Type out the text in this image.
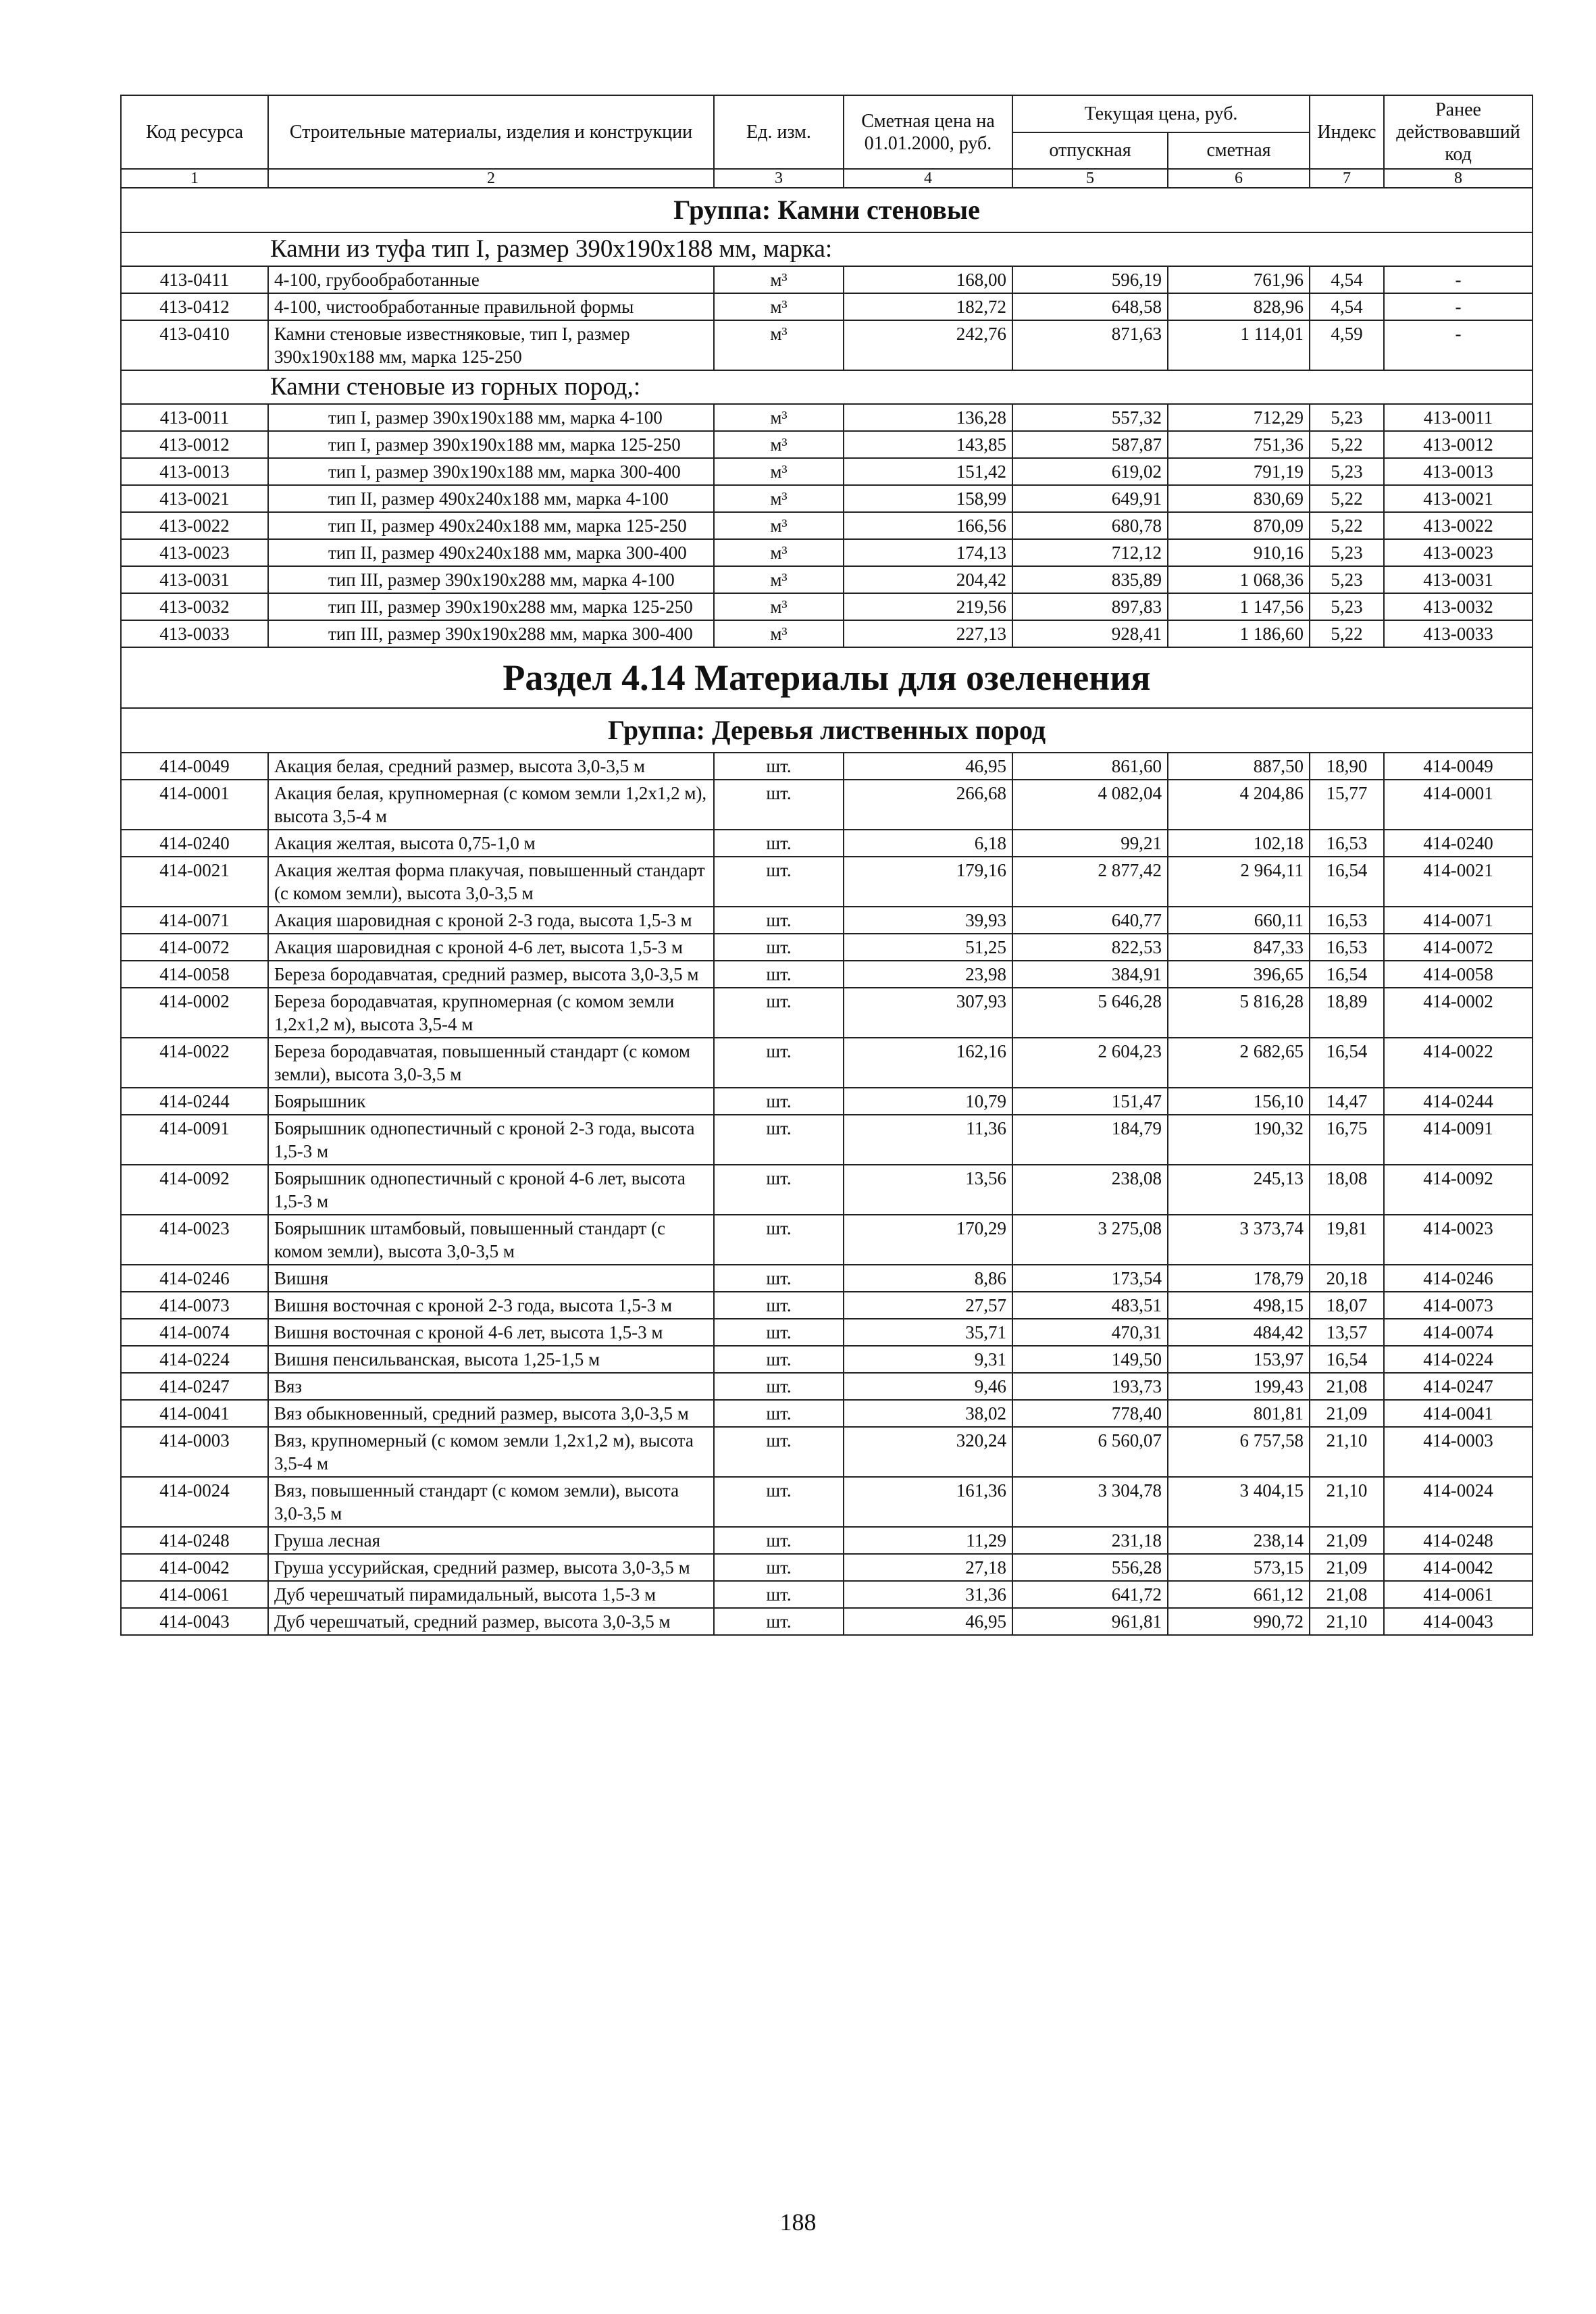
Код ресурса	Строительные материалы, изделия и конструкции	Ед. изм.	Сметная цена на 01.01.2000, руб.	Текущая цена, руб.		Индекс	Ранее действовавший код
				отпускная	сметная		
1	2	3	4	5	6	7	8
Группа: Камни стеновые							
Камни из туфа тип I, размер 390х190х188 мм, марка:							
413-0411	4-100, грубообработанные	м³	168,00	596,19	761,96	4,54	-
413-0412	4-100, чистообработанные правильной формы	м³	182,72	648,58	828,96	4,54	-
413-0410	Камни стеновые известняковые, тип I, размер 390х190х188 мм, марка 125-250	м³	242,76	871,63	1 114,01	4,59	-
Камни стеновые из горных пород,:							
413-0011	тип I, размер 390х190х188 мм, марка 4-100	м³	136,28	557,32	712,29	5,23	413-0011
413-0012	тип I, размер 390х190х188 мм, марка 125-250	м³	143,85	587,87	751,36	5,22	413-0012
413-0013	тип I, размер 390х190х188 мм, марка 300-400	м³	151,42	619,02	791,19	5,23	413-0013
413-0021	тип II, размер 490х240х188 мм, марка 4-100	м³	158,99	649,91	830,69	5,22	413-0021
413-0022	тип II, размер 490х240х188 мм, марка 125-250	м³	166,56	680,78	870,09	5,22	413-0022
413-0023	тип II, размер 490х240х188 мм, марка 300-400	м³	174,13	712,12	910,16	5,23	413-0023
413-0031	тип III, размер 390х190х288 мм, марка 4-100	м³	204,42	835,89	1 068,36	5,23	413-0031
413-0032	тип III, размер 390х190х288 мм, марка 125-250	м³	219,56	897,83	1 147,56	5,23	413-0032
413-0033	тип III, размер 390х190х288 мм, марка 300-400	м³	227,13	928,41	1 186,60	5,22	413-0033
Раздел 4.14 Материалы для озеленения							
Группа: Деревья лиственных пород							
414-0049	Акация белая, средний размер, высота 3,0-3,5 м	шт.	46,95	861,60	887,50	18,90	414-0049
414-0001	Акация белая, крупномерная (с комом земли 1,2х1,2 м), высота 3,5-4 м	шт.	266,68	4 082,04	4 204,86	15,77	414-0001
414-0240	Акация желтая, высота 0,75-1,0 м	шт.	6,18	99,21	102,18	16,53	414-0240
414-0021	Акация желтая форма плакучая, повышенный стандарт (с комом земли), высота 3,0-3,5 м	шт.	179,16	2 877,42	2 964,11	16,54	414-0021
414-0071	Акация шаровидная с кроной 2-3 года, высота 1,5-3 м	шт.	39,93	640,77	660,11	16,53	414-0071
414-0072	Акация шаровидная с кроной 4-6 лет, высота 1,5-3 м	шт.	51,25	822,53	847,33	16,53	414-0072
414-0058	Береза бородавчатая, средний размер, высота 3,0-3,5 м	шт.	23,98	384,91	396,65	16,54	414-0058
414-0002	Береза бородавчатая, крупномерная (с комом земли 1,2х1,2 м), высота 3,5-4 м	шт.	307,93	5 646,28	5 816,28	18,89	414-0002
414-0022	Береза бородавчатая, повышенный стандарт (с комом земли), высота 3,0-3,5 м	шт.	162,16	2 604,23	2 682,65	16,54	414-0022
414-0244	Боярышник	шт.	10,79	151,47	156,10	14,47	414-0244
414-0091	Боярышник однопестичный с кроной 2-3 года, высота 1,5-3 м	шт.	11,36	184,79	190,32	16,75	414-0091
414-0092	Боярышник однопестичный с кроной 4-6 лет, высота 1,5-3 м	шт.	13,56	238,08	245,13	18,08	414-0092
414-0023	Боярышник штамбовый, повышенный стандарт (с комом земли), высота 3,0-3,5 м	шт.	170,29	3 275,08	3 373,74	19,81	414-0023
414-0246	Вишня	шт.	8,86	173,54	178,79	20,18	414-0246
414-0073	Вишня восточная с кроной 2-3 года, высота 1,5-3 м	шт.	27,57	483,51	498,15	18,07	414-0073
414-0074	Вишня восточная с кроной 4-6 лет, высота 1,5-3 м	шт.	35,71	470,31	484,42	13,57	414-0074
414-0224	Вишня пенсильванская, высота 1,25-1,5 м	шт.	9,31	149,50	153,97	16,54	414-0224
414-0247	Вяз	шт.	9,46	193,73	199,43	21,08	414-0247
414-0041	Вяз обыкновенный, средний размер, высота 3,0-3,5 м	шт.	38,02	778,40	801,81	21,09	414-0041
414-0003	Вяз, крупномерный (с комом земли 1,2х1,2 м), высота 3,5-4 м	шт.	320,24	6 560,07	6 757,58	21,10	414-0003
414-0024	Вяз, повышенный стандарт (с комом земли), высота 3,0-3,5 м	шт.	161,36	3 304,78	3 404,15	21,10	414-0024
414-0248	Груша лесная	шт.	11,29	231,18	238,14	21,09	414-0248
414-0042	Груша уссурийская, средний размер, высота 3,0-3,5 м	шт.	27,18	556,28	573,15	21,09	414-0042
414-0061	Дуб черешчатый пирамидальный, высота 1,5-3 м	шт.	31,36	641,72	661,12	21,08	414-0061
414-0043	Дуб черешчатый, средний размер, высота 3,0-3,5 м	шт.	46,95	961,81	990,72	21,10	414-0043
188
